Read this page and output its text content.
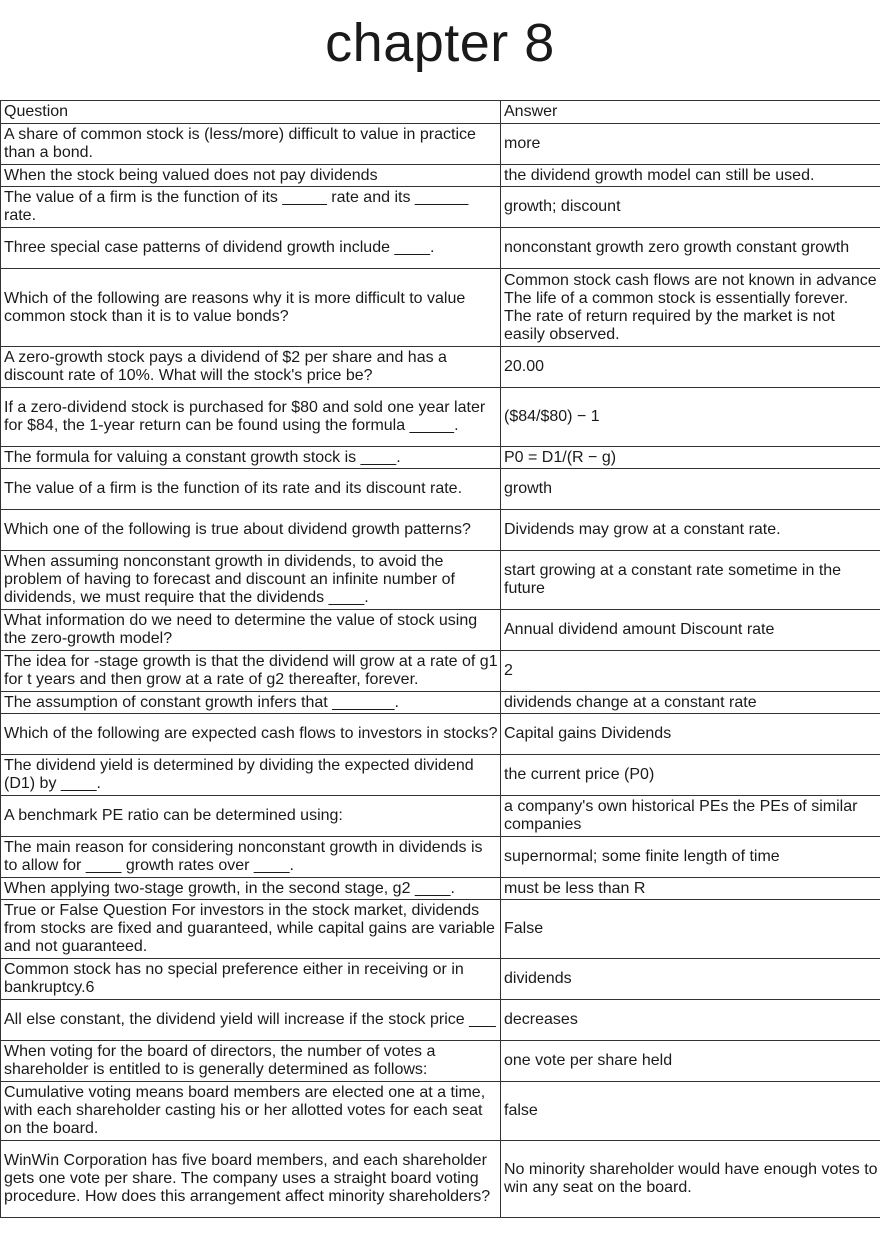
chapter 8
Question	Answer
A share of common stock is (less/more) difficult to value in practice than a bond.	more
When the stock being valued does not pay dividends	the dividend growth model can still be used.
The value of a firm is the function of its _____ rate and its ______ rate.	growth; discount
Three special case patterns of dividend growth include ____.	nonconstant growth zero growth constant growth
Which of the following are reasons why it is more difficult to value common stock than it is to value bonds?	Common stock cash flows are not known in advance The life of a common stock is essentially forever. The rate of return required by the market is not easily observed.
A zero-growth stock pays a dividend of $2 per share and has a discount rate of 10%. What will the stock's price be?	20.00
If a zero-dividend stock is purchased for $80 and sold one year later for $84, the 1-year return can be found using the formula _____.	($84/$80) − 1
The formula for valuing a constant growth stock is ____.	P0 = D1/(R − g)
The value of a firm is the function of its rate and its discount rate.	growth
Which one of the following is true about dividend growth patterns?	Dividends may grow at a constant rate.
When assuming nonconstant growth in dividends, to avoid the problem of having to forecast and discount an infinite number of dividends, we must require that the dividends ____.	start growing at a constant rate sometime in the future
What information do we need to determine the value of stock using the zero-growth model?	Annual dividend amount Discount rate
The idea for -stage growth is that the dividend will grow at a rate of g1 for t years and then grow at a rate of g2 thereafter, forever.	2
The assumption of constant growth infers that _______.	dividends change at a constant rate
Which of the following are expected cash flows to investors in stocks?	Capital gains Dividends
The dividend yield is determined by dividing the expected dividend (D1) by ____.	the current price (P0)
A benchmark PE ratio can be determined using:	a company's own historical PEs the PEs of similar companies
The main reason for considering nonconstant growth in dividends is to allow for ____ growth rates over ____.	supernormal; some finite length of time
When applying two-stage growth, in the second stage, g2 ____.	must be less than R
True or False Question For investors in the stock market, dividends from stocks are fixed and guaranteed, while capital gains are variable and not guaranteed.	False
Common stock has no special preference either in receiving or in bankruptcy.6	dividends
All else constant, the dividend yield will increase if the stock price ___	decreases
When voting for the board of directors, the number of votes a shareholder is entitled to is generally determined as follows:	one vote per share held
Cumulative voting means board members are elected one at a time, with each shareholder casting his or her allotted votes for each seat on the board.	false
WinWin Corporation has five board members, and each shareholder gets one vote per share. The company uses a straight board voting procedure. How does this arrangement affect minority shareholders?	No minority shareholder would have enough votes to win any seat on the board.
